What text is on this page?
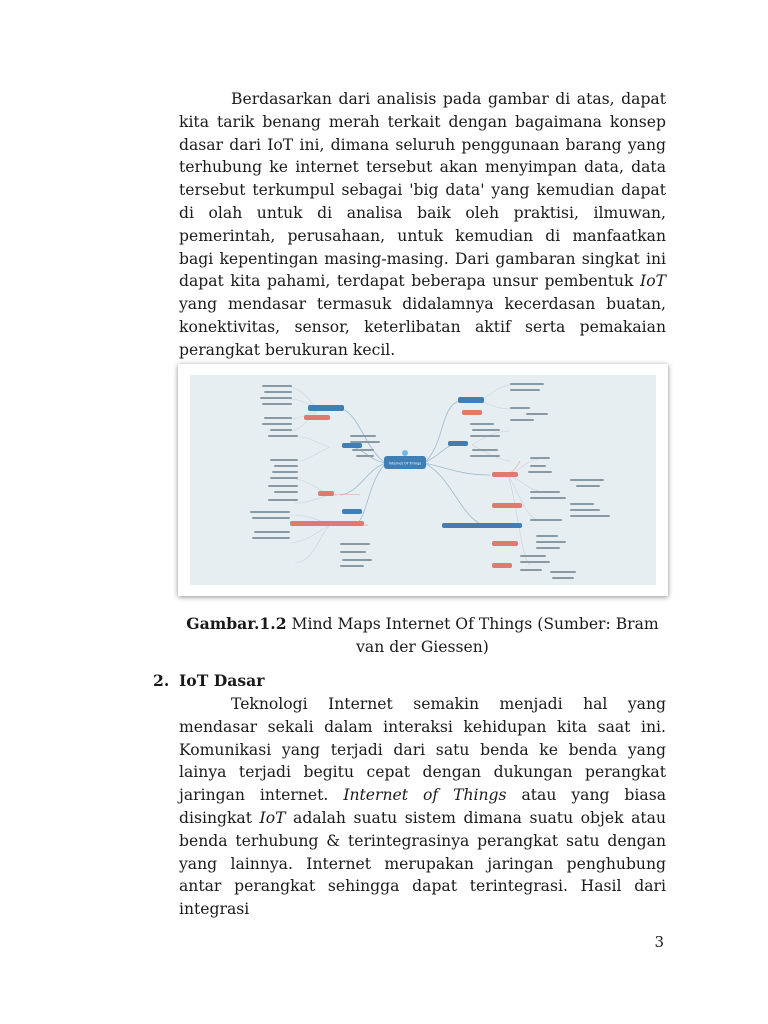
Berdasarkan dari analisis pada gambar di atas, dapat kita tarik benang merah terkait dengan bagaimana konsep dasar dari IoT ini, dimana seluruh penggunaan barang yang terhubung ke internet tersebut akan menyimpan data, data tersebut terkumpul sebagai 'big data' yang kemudian dapat di olah untuk di analisa baik oleh praktisi, ilmuwan, pemerintah, perusahaan, untuk kemudian di manfaatkan bagi kepentingan masing-masing. Dari gambaran singkat ini dapat kita pahami, terdapat beberapa unsur pembentuk IoT yang mendasar termasuk didalamnya kecerdasan buatan, konektivitas, sensor, keterlibatan aktif serta pemakaian perangkat berukuran kecil.

Internet Of Things

Gambar.1.2 Mind Maps Internet Of Things (Sumber: Bram van der Giessen)

2. IoT Dasar

Teknologi Internet semakin menjadi hal yang mendasar sekali dalam interaksi kehidupan kita saat ini. Komunikasi yang terjadi dari satu benda ke benda yang lainya terjadi begitu cepat dengan dukungan perangkat jaringan internet. Internet of Things atau yang biasa disingkat IoT adalah suatu sistem dimana suatu objek atau benda terhubung & terintegrasinya perangkat satu dengan yang lainnya. Internet merupakan jaringan penghubung antar perangkat sehingga dapat terintegrasi. Hasil dari integrasi

3
